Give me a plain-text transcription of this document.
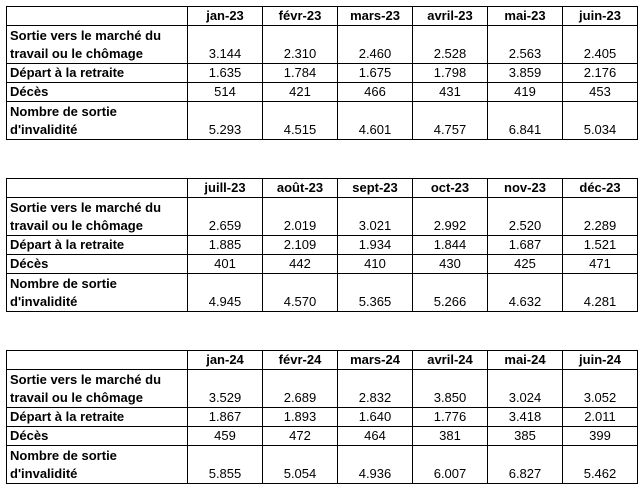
	jan-23	févr-23	mars-23	avril-23	mai-23	juin-23
Sortie vers le marché du travail ou le chômage	3.144	2.310	2.460	2.528	2.563	2.405
Départ à la retraite	1.635	1.784	1.675	1.798	3.859	2.176
Décès	514	421	466	431	419	453
Nombre de sortie d'invalidité	5.293	4.515	4.601	4.757	6.841	5.034
	juill-23	août-23	sept-23	oct-23	nov-23	déc-23
Sortie vers le marché du travail ou le chômage	2.659	2.019	3.021	2.992	2.520	2.289
Départ à la retraite	1.885	2.109	1.934	1.844	1.687	1.521
Décès	401	442	410	430	425	471
Nombre de sortie d'invalidité	4.945	4.570	5.365	5.266	4.632	4.281
	jan-24	févr-24	mars-24	avril-24	mai-24	juin-24
Sortie vers le marché du travail ou le chômage	3.529	2.689	2.832	3.850	3.024	3.052
Départ à la retraite	1.867	1.893	1.640	1.776	3.418	2.011
Décès	459	472	464	381	385	399
Nombre de sortie d'invalidité	5.855	5.054	4.936	6.007	6.827	5.462
